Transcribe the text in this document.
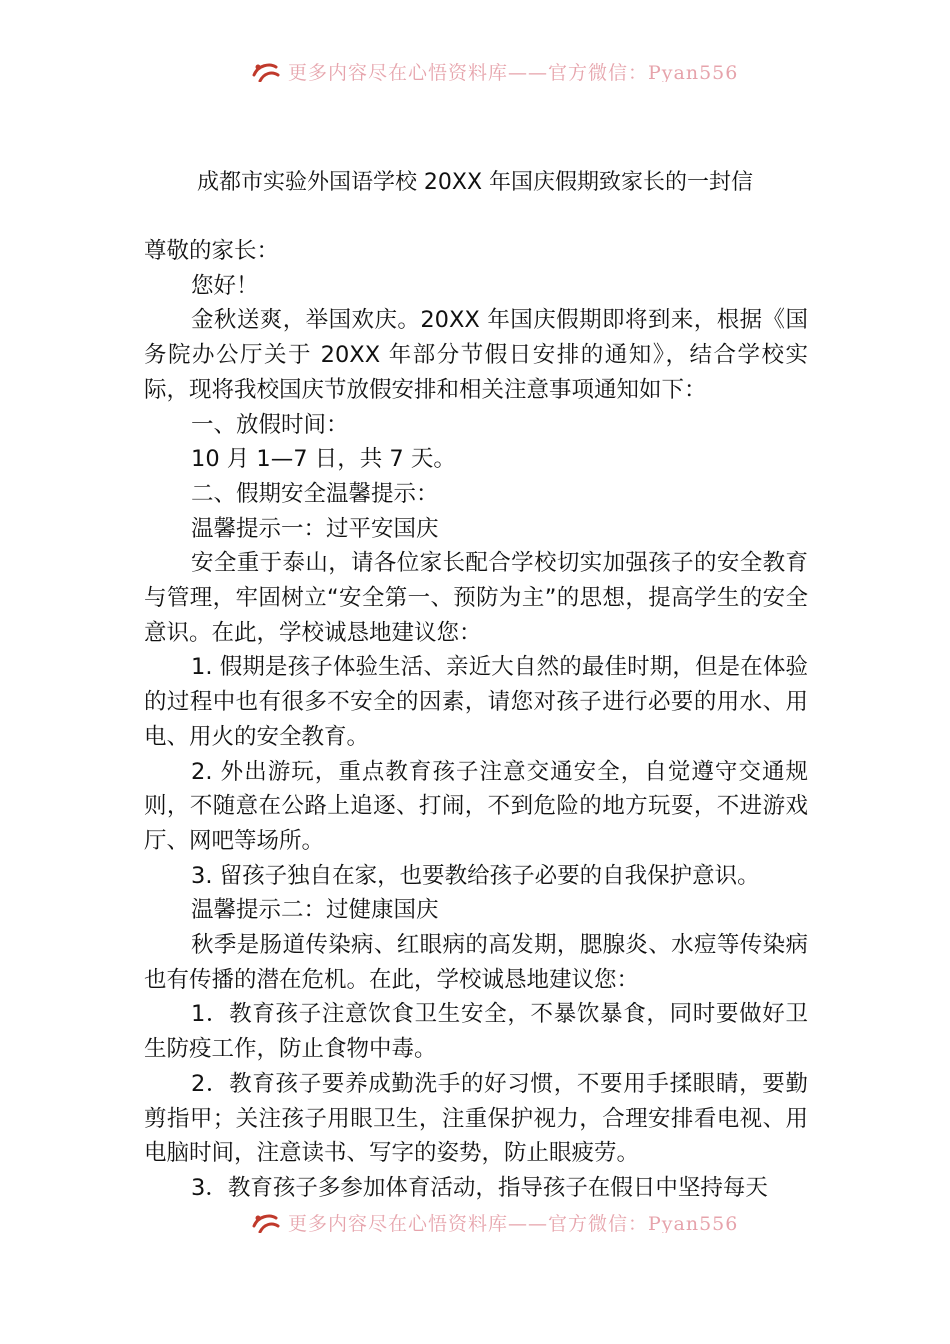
更多内容尽在心悟资料库——官方微信：Pyan556
成都市实验外国语学校 20XX 年国庆假期致家长的一封信

尊敬的家长：

您好！

金秋送爽，举国欢庆。20XX 年国庆假期即将到来，根据《国务院办公厅关于 20XX 年部分节假日安排的通知》，结合学校实际，现将我校国庆节放假安排和相关注意事项通知如下：

一、放假时间：

10 月 1—7 日，共 7 天。

二、假期安全温馨提示：

温馨提示一：过平安国庆

安全重于泰山，请各位家长配合学校切实加强孩子的安全教育与管理，牢固树立“安全第一、预防为主”的思想，提高学生的安全意识。在此，学校诚恳地建议您：

1. 假期是孩子体验生活、亲近大自然的最佳时期，但是在体验的过程中也有很多不安全的因素，请您对孩子进行必要的用水、用电、用火的安全教育。

2. 外出游玩，重点教育孩子注意交通安全，自觉遵守交通规则，不随意在公路上追逐、打闹，不到危险的地方玩耍，不进游戏厅、网吧等场所。

3. 留孩子独自在家，也要教给孩子必要的自我保护意识。

温馨提示二：过健康国庆

秋季是肠道传染病、红眼病的高发期，腮腺炎、水痘等传染病也有传播的潜在危机。在此，学校诚恳地建议您：

1．教育孩子注意饮食卫生安全，不暴饮暴食，同时要做好卫生防疫工作，防止食物中毒。

2．教育孩子要养成勤洗手的好习惯，不要用手揉眼睛，要勤剪指甲；关注孩子用眼卫生，注重保护视力，合理安排看电视、用电脑时间，注意读书、写字的姿势，防止眼疲劳。

3．教育孩子多参加体育活动，指导孩子在假日中坚持每天

更多内容尽在心悟资料库——官方微信：Pyan556
